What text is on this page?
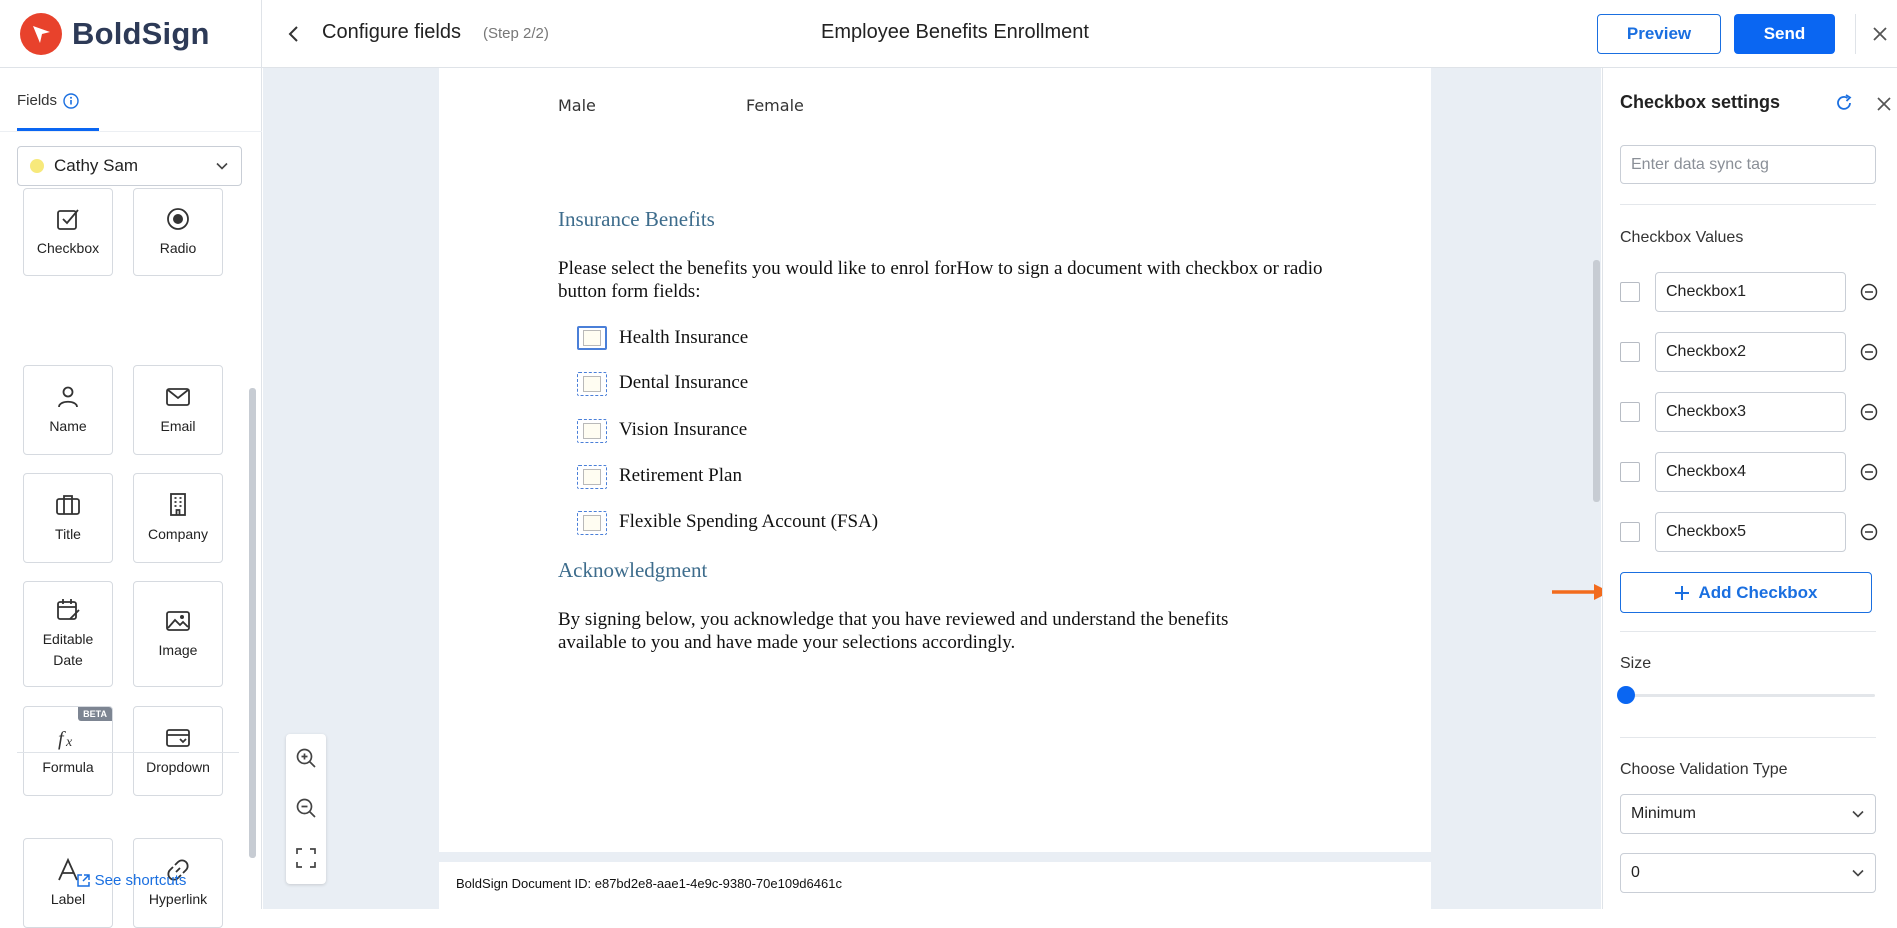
BoldSign	Configure fields (Step 2/2)	Employee Benefits Enrollment	Preview	Send
Fields
Cathy Sam
Checkbox	Radio
Name	Email
Title	Company
Editable Date
Image
BETA
f x
Formula	Dropdown
Label	Hyperlink
See shortcuts
Male	Female
Insurance Benefits

Please select the benefits you would like to enrol forHow to sign a document with checkbox or radio button form fields:

Health Insurance
Dental Insurance
Vision Insurance
Retirement Plan
Flexible Spending Account (FSA)
Acknowledgment

By signing below, you acknowledge that you have reviewed and understand the benefits available to you and have made your selections accordingly.

BoldSign Document ID: e87bd2e8-aae1-4e9c-9380-70e109d6461c
Checkbox settings
Enter data sync tag
Checkbox Values
Checkbox1
Checkbox2
Checkbox3
Checkbox4
Checkbox5
Add Checkbox
Size
Choose Validation Type
Minimum
0
